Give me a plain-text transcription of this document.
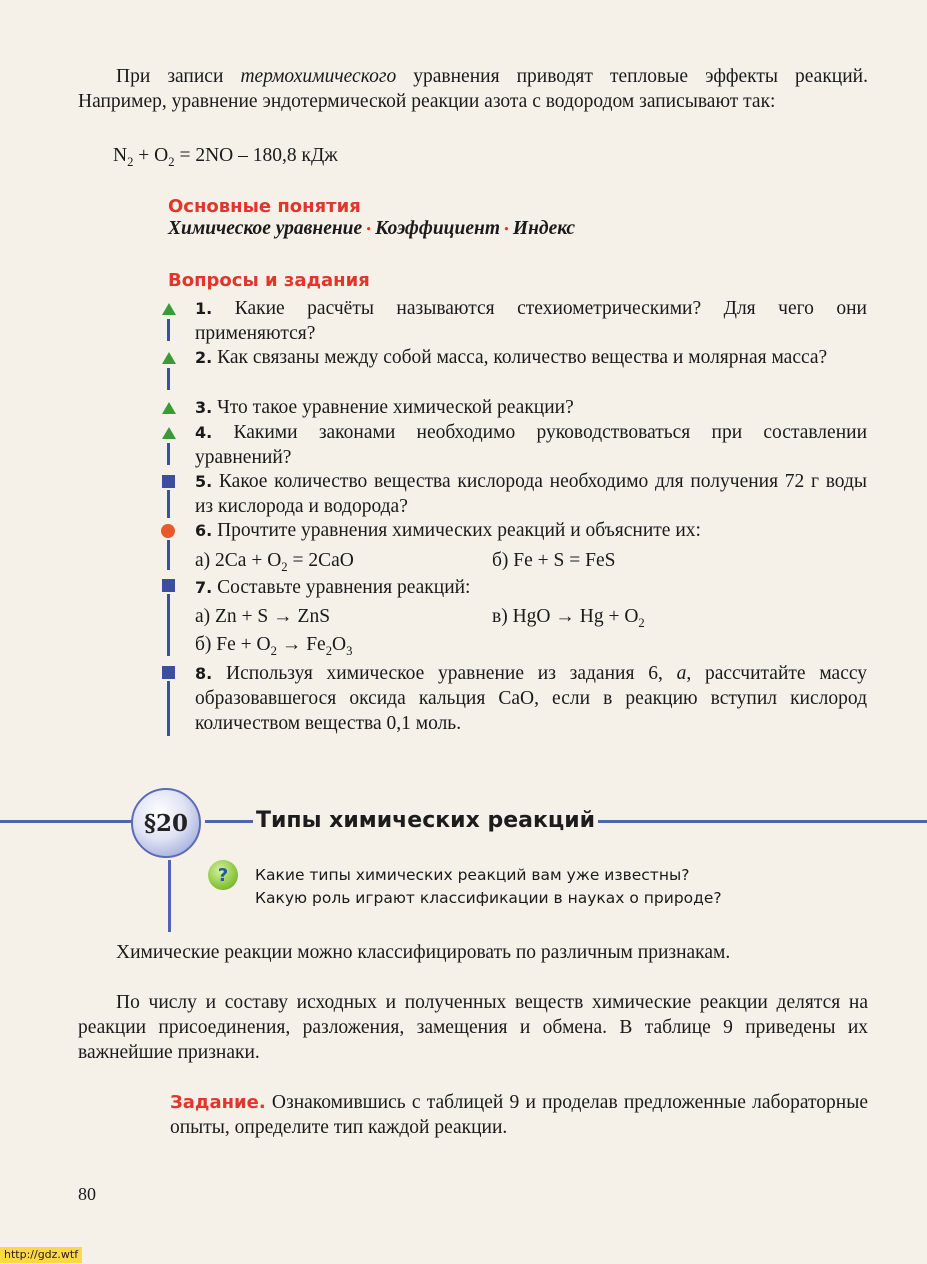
При записи термохимического уравнения приводят тепловые эффекты реакций. Например, уравнение эндотермической реакции азота с водородом записывают так:
$N_2 + O_2 = 2NO - 180,8$ кДж
Основные понятия
Химическое уравнение • Коэффициент • Индекс
Вопросы и задания
1. Какие расчёты называются стехиометрическими? Для чего они применяются?
2. Как связаны между собой масса, количество вещества и молярная масса?
3. Что такое уравнение химической реакции?
4. Какими законами необходимо руководствоваться при составлении уравнений?
5. Какое количество вещества кислорода необходимо для получения 72 г воды из кислорода и водорода?
6. Прочтите уравнения химических реакций и объясните их:
а) $2Ca + O_2 = 2CaO$	б) Fe + S = FeS
7. Составьте уравнения реакций:
а) Zn + S → ZnS	в) HgO → $Hg + O_2$
б) $Fe + O_2 \to Fe_2O_3$
8. Используя химическое уравнение из задания 6, а, рассчитайте массу образовавшегося оксида кальция CaO, если в реакцию вступил кислород количеством вещества 0,1 моль.
§20	Типы химических реакций
? Какие типы химических реакций вам уже известны?
Какую роль играют классификации в науках о природе?
Химические реакции можно классифицировать по различным признакам.
По числу и составу исходных и полученных веществ химические реакции делятся на реакции присоединения, разложения, замещения и обмена. В таблице 9 приведены их важнейшие признаки.
Задание. Ознакомившись с таблицей 9 и проделав предложенные лабораторные опыты, определите тип каждой реакции.
80
http://gdz.wtf
